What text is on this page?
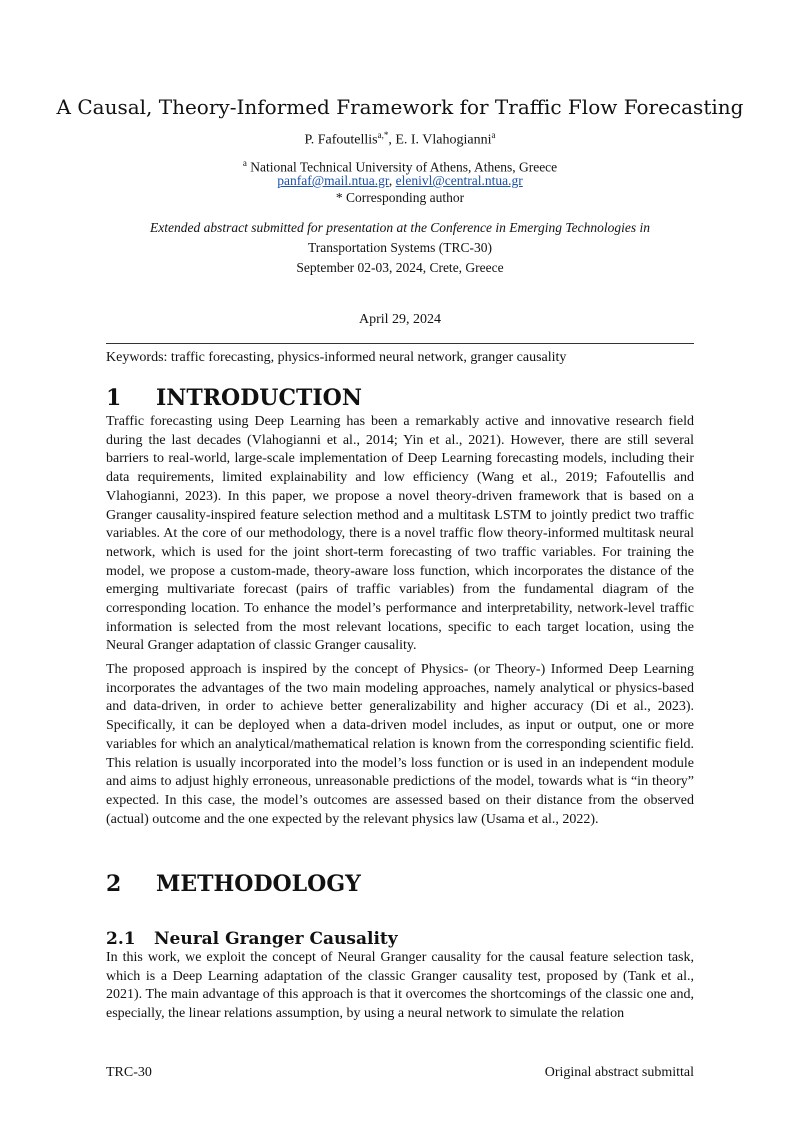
A Causal, Theory-Informed Framework for Traffic Flow Forecasting
P. Fafoutellis$^{a,*}$, E. I. Vlahogianni$^a$
$^a$ National Technical University of Athens, Athens, Greece
panfaf@mail.ntua.gr, elenivl@central.ntua.gr
* Corresponding author
Extended abstract submitted for presentation at the Conference in Emerging Technologies in
Transportation Systems (TRC-30)
September 02-03, 2024, Crete, Greece
April 29, 2024
Keywords: traffic forecasting, physics-informed neural network, granger causality
1 INTRODUCTION
Traffic forecasting using Deep Learning has been a remarkably active and innovative research field during the last decades (Vlahogianni et al., 2014; Yin et al., 2021). However, there are still several barriers to real-world, large-scale implementation of Deep Learning forecasting models, including their data requirements, limited explainability and low efficiency (Wang et al., 2019; Fafoutellis and Vlahogianni, 2023). In this paper, we propose a novel theory-driven framework that is based on a Granger causality-inspired feature selection method and a multitask LSTM to jointly predict two traffic variables. At the core of our methodology, there is a novel traffic flow theory-informed multitask neural network, which is used for the joint short-term forecasting of two traffic variables. For training the model, we propose a custom-made, theory-aware loss function, which incorporates the distance of the emerging multivariate forecast (pairs of traffic variables) from the fundamental diagram of the corresponding location. To enhance the model’s performance and interpretability, network-level traffic information is selected from the most relevant locations, specific to each target location, using the Neural Granger adaptation of classic Granger causality.
The proposed approach is inspired by the concept of Physics- (or Theory-) Informed Deep Learning incorporates the advantages of the two main modeling approaches, namely analytical or physics-based and data-driven, in order to achieve better generalizability and higher accuracy (Di et al., 2023). Specifically, it can be deployed when a data-driven model includes, as input or output, one or more variables for which an analytical/mathematical relation is known from the corresponding scientific field. This relation is usually incorporated into the model’s loss function or is used in an independent module and aims to adjust highly erroneous, unreasonable predictions of the model, towards what is “in theory” expected. In this case, the model’s outcomes are assessed based on their distance from the observed (actual) outcome and the one expected by the relevant physics law (Usama et al., 2022).
2 METHODOLOGY
2.1 Neural Granger Causality
In this work, we exploit the concept of Neural Granger causality for the causal feature selection task, which is a Deep Learning adaptation of the classic Granger causality test, proposed by (Tank et al., 2021). The main advantage of this approach is that it overcomes the shortcomings of the classic one and, especially, the linear relations assumption, by using a neural network to simulate the relation
TRC-30	Original abstract submittal
